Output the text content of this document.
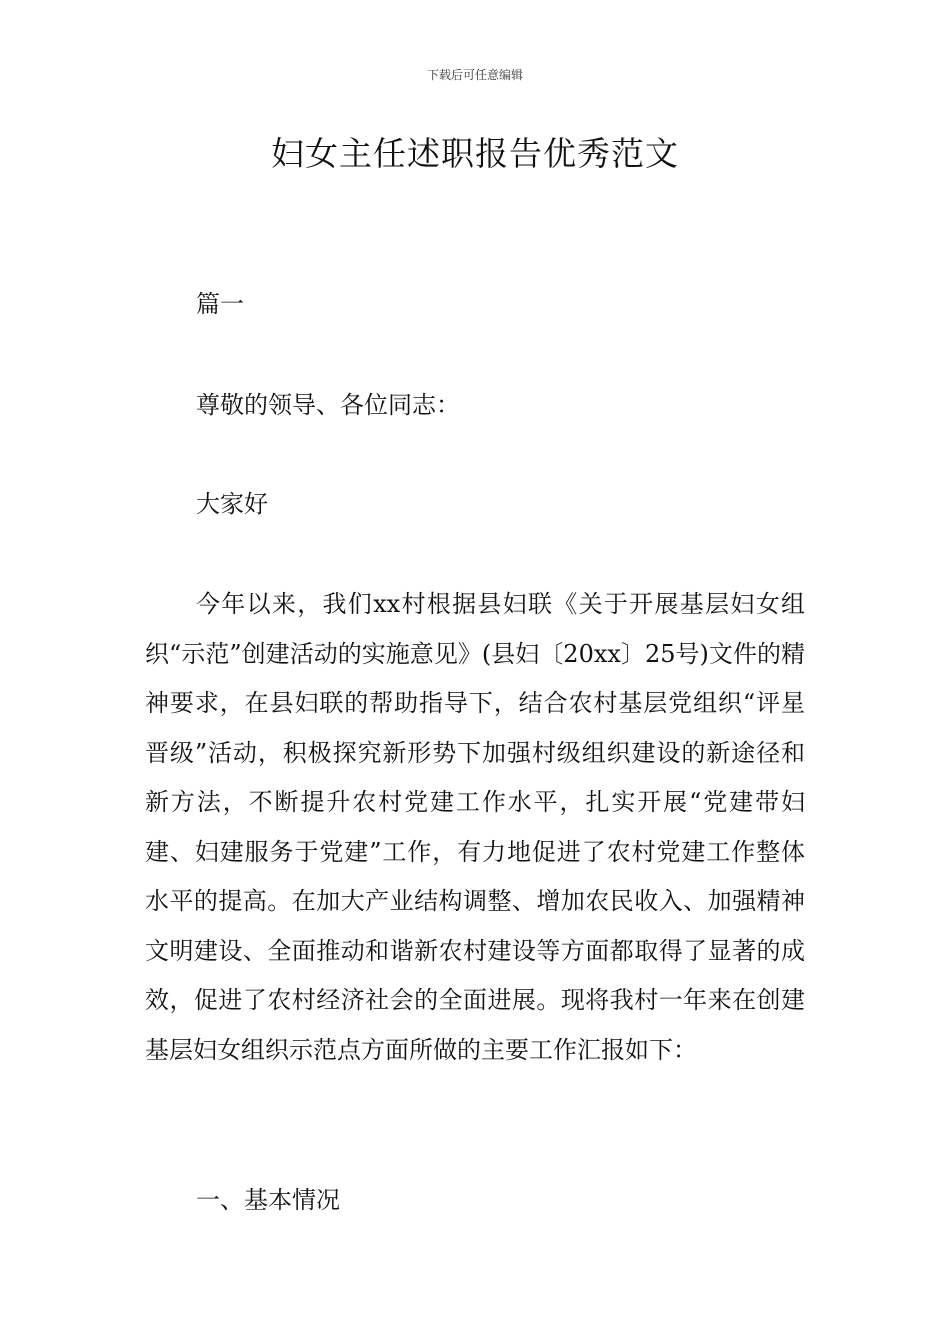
下载后可任意编辑
妇女主任述职报告优秀范文
篇一
尊敬的领导、各位同志：
大家好
今年以来，我们xx村根据县妇联《关于开展基层妇女组织“示范”创建活动的实施意见》(县妇〔20xx〕25号)文件的精神要求，在县妇联的帮助指导下，结合农村基层党组织“评星晋级”活动，积极探究新形势下加强村级组织建设的新途径和新方法，不断提升农村党建工作水平，扎实开展“党建带妇建、妇建服务于党建”工作，有力地促进了农村党建工作整体水平的提高。在加大产业结构调整、增加农民收入、加强精神文明建设、全面推动和谐新农村建设等方面都取得了显著的成效，促进了农村经济社会的全面进展。现将我村一年来在创建基层妇女组织示范点方面所做的主要工作汇报如下：
一、基本情况
